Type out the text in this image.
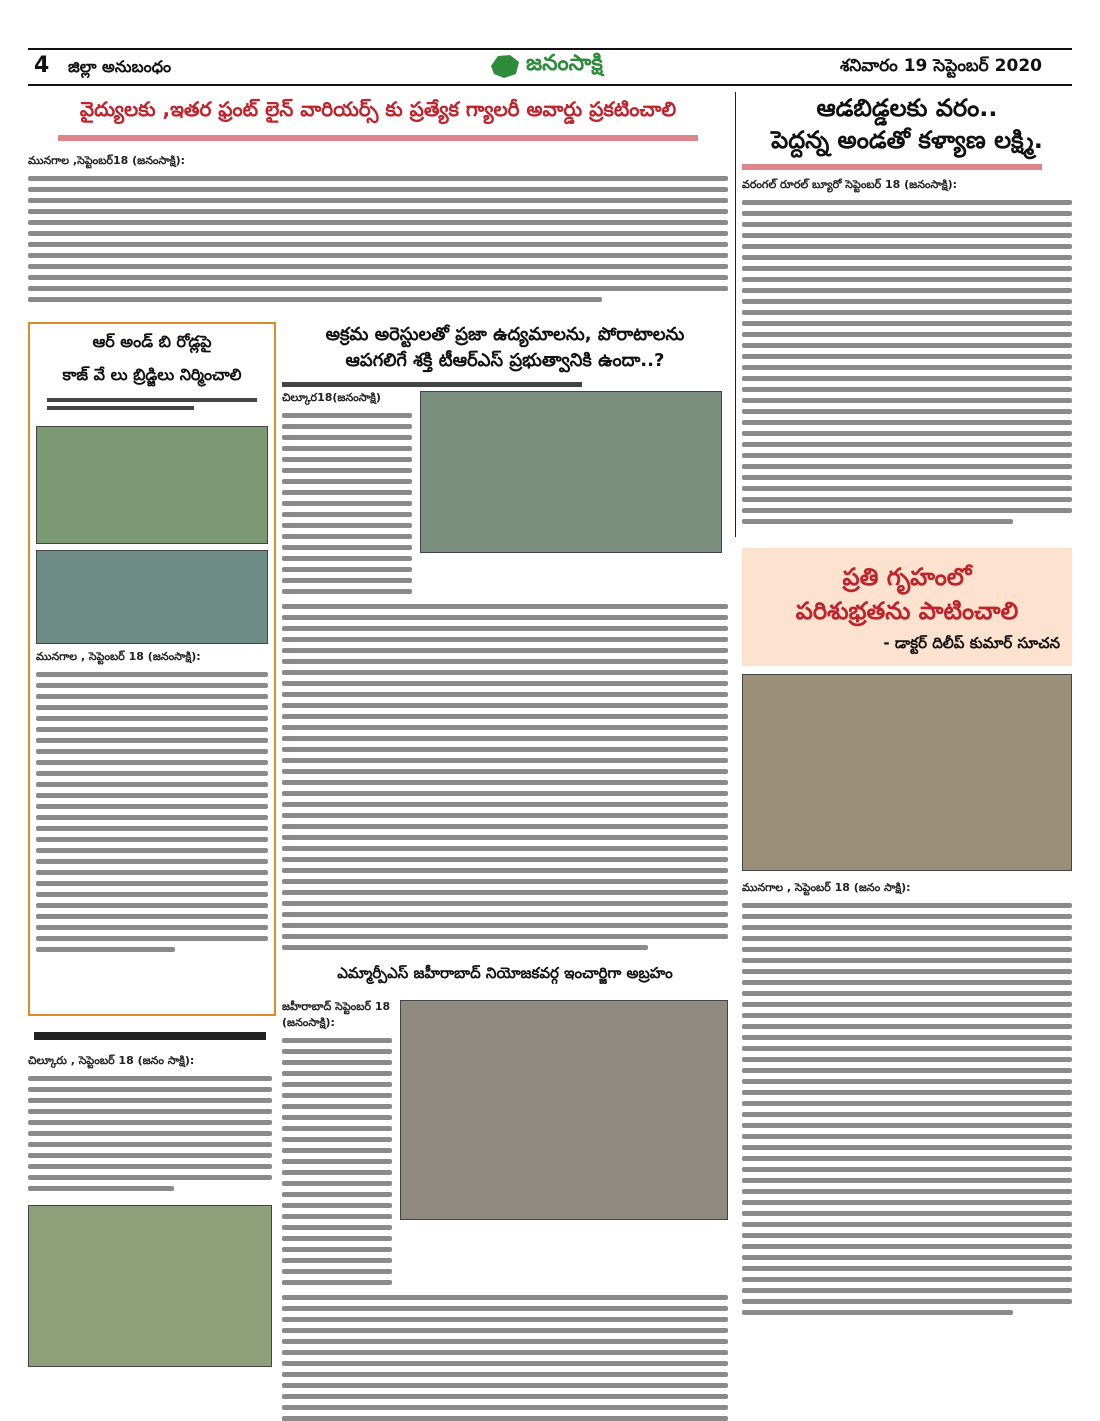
4 జిల్లా అనుబంధం	జనంసాక్షి	శనివారం 19 సెప్టెంబర్ 2020
వైద్యులకు ,ఇతర ఫ్రంట్ లైన్ వారియర్స్ కు ప్రత్యేక గ్యాలరీ అవార్డు ప్రకటించాలి
మునగాల ,సెప్టెంబర్18 (జనంసాక్షి):
ఆడబిడ్డలకు వరం..
పెద్దన్న అండతో కళ్యాణ లక్ష్మి.
వరంగల్ రూరల్ బ్యూరో సెప్టెంబర్ 18 (జనంసాక్షి):
ఆర్ అండ్ బి రోడ్లపై
కాజ్ వే లు బ్రిడ్జిలు నిర్మించాలి
మునగాల , సెప్టెంబర్ 18 (జనంసాక్షి):
చిల్కూరు , సెప్టెంబర్ 18 (జనం సాక్షి):
అక్రమ అరెస్టులతో ప్రజా ఉద్యమాలను, పోరాటాలను
ఆపగలిగే శక్తి టీఆర్ఎస్ ప్రభుత్వానికి ఉందా..?
చిల్కూర18(జనంసాక్షి)
ఎమ్మార్పీఎస్ జహీరాబాద్ నియోజకవర్గ ఇంచార్జిగా అబ్రహం
జహీరాబాద్ సెప్టెంబర్ 18 (జనంసాక్షి):
ప్రతి గృహంలో
పరిశుభ్రతను పాటించాలి
- డాక్టర్ దిలీప్ కుమార్ సూచన
మునగాల , సెప్టెంబర్ 18 (జనం సాక్షి):
